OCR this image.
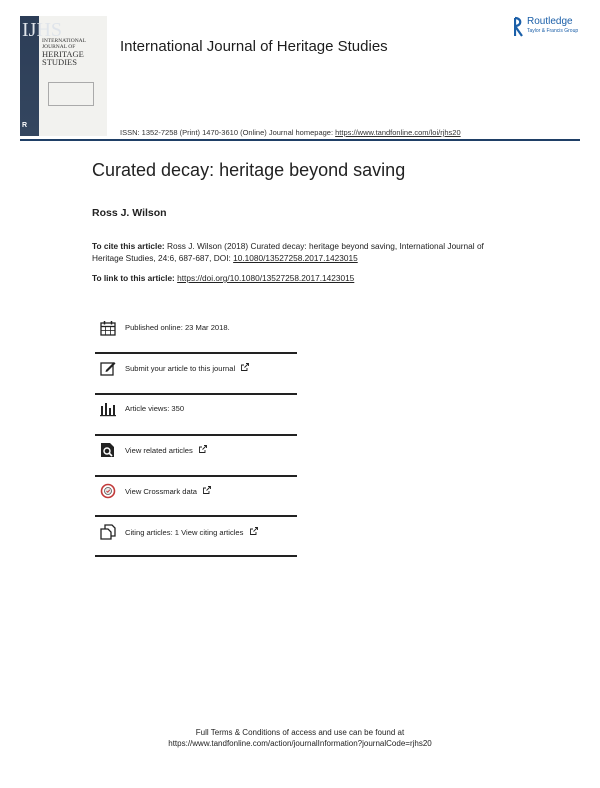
IJHS
INTERNATIONAL JOURNAL OF
HERITAGE STUDIES
R
International Journal of Heritage Studies
Routledge
Taylor & Francis Group
ISSN: 1352-7258 (Print) 1470-3610 (Online) Journal homepage: https://www.tandfonline.com/loi/rjhs20
Curated decay: heritage beyond saving
Ross J. Wilson
To cite this article: Ross J. Wilson (2018) Curated decay: heritage beyond saving, International Journal of Heritage Studies, 24:6, 687-687, DOI: 10.1080/13527258.2017.1423015
To link to this article: https://doi.org/10.1080/13527258.2017.1423015
Published online: 23 Mar 2018.
Submit your article to this journal
Article views: 350
View related articles
View Crossmark data
Citing articles: 1 View citing articles
Full Terms & Conditions of access and use can be found at
https://www.tandfonline.com/action/journalInformation?journalCode=rjhs20
